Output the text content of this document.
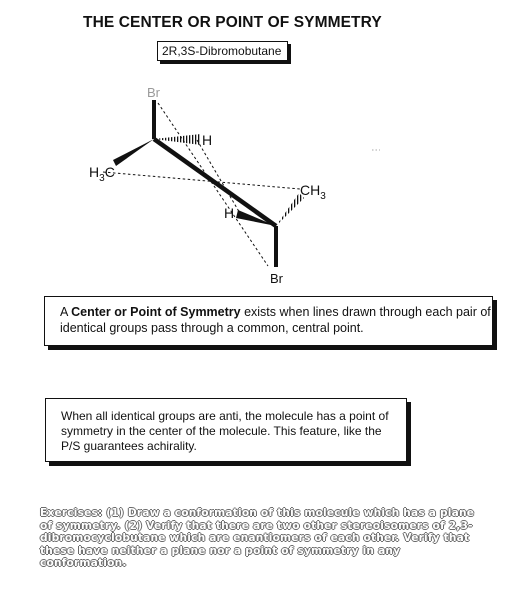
THE CENTER OR POINT OF SYMMETRY
2R,3S-Dibromobutane
Br
H
$H_3C$
$CH_3$
H
Br
A Center or Point of Symmetry exists when lines drawn through each pair of identical groups pass through a common, central point.
When all identical groups are anti, the molecule has a point of symmetry in the center of the molecule. This feature, like the P/S guarantees achirality.
Exercises: (1) Draw a conformation of this molecule which has a plane of symmetry. (2) Verify that there are two other stereoisomers of 2,3-dibromocyclobutane which are enantiomers of each other. Verify that these have neither a plane nor a point of symmetry in any conformation.
